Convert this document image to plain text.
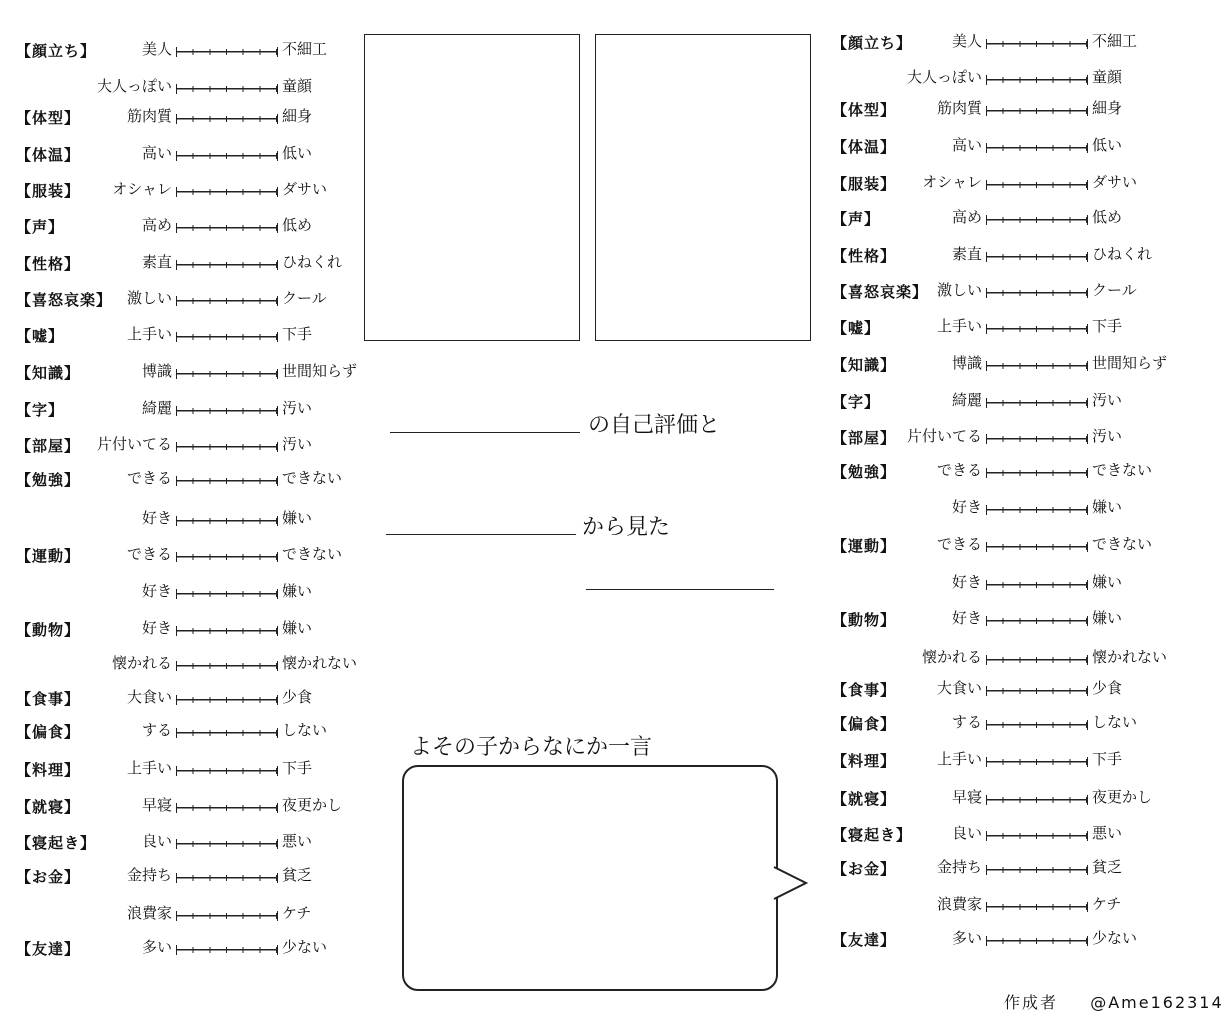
【顔立ち】	美人	不細工
大人っぽい	童顔
【体型】	筋肉質	細身
【体温】	高い	低い
【服装】 オシャレ	ダサい
【声】	高め	低め
【性格】	素直	ひねくれ
【喜怒哀楽】 激しい	クール
【嘘】	上手い	下手
【知識】	博識	世間知らず
【字】	綺麗	汚い
【部屋】 片付いてる	汚い
【勉強】	できる	できない
好き	嫌い
【運動】	できる	できない
好き	嫌い
【動物】	好き	嫌い
懐かれる	懐かれない
【食事】	大食い	少食
【偏食】	する	しない
【料理】	上手い	下手
【就寝】	早寝	夜更かし
【寝起き】	良い	悪い
【お金】	金持ち	貧乏
浪費家	ケチ
【友達】	多い	少ない
【顔立ち】	美人	不細工
大人っぽい	童顔
【体型】	筋肉質	細身
【体温】	高い	低い
【服装】 オシャレ	ダサい
【声】	高め	低め
【性格】	素直	ひねくれ
【喜怒哀楽】 激しい	クール
【嘘】	上手い	下手
【知識】	博識	世間知らず
【字】	綺麗	汚い
【部屋】 片付いてる	汚い
【勉強】	できる	できない
好き	嫌い
【運動】	できる	できない
好き	嫌い
【動物】	好き	嫌い
懐かれる	懐かれない
【食事】	大食い	少食
【偏食】	する	しない
【料理】	上手い	下手
【就寝】	早寝	夜更かし
【寝起き】	良い	悪い
【お金】	金持ち	貧乏
浪費家	ケチ
【友達】	多い	少ない
の自己評価と
から見た
よその子からなにか一言
作成者 @Ame162314
